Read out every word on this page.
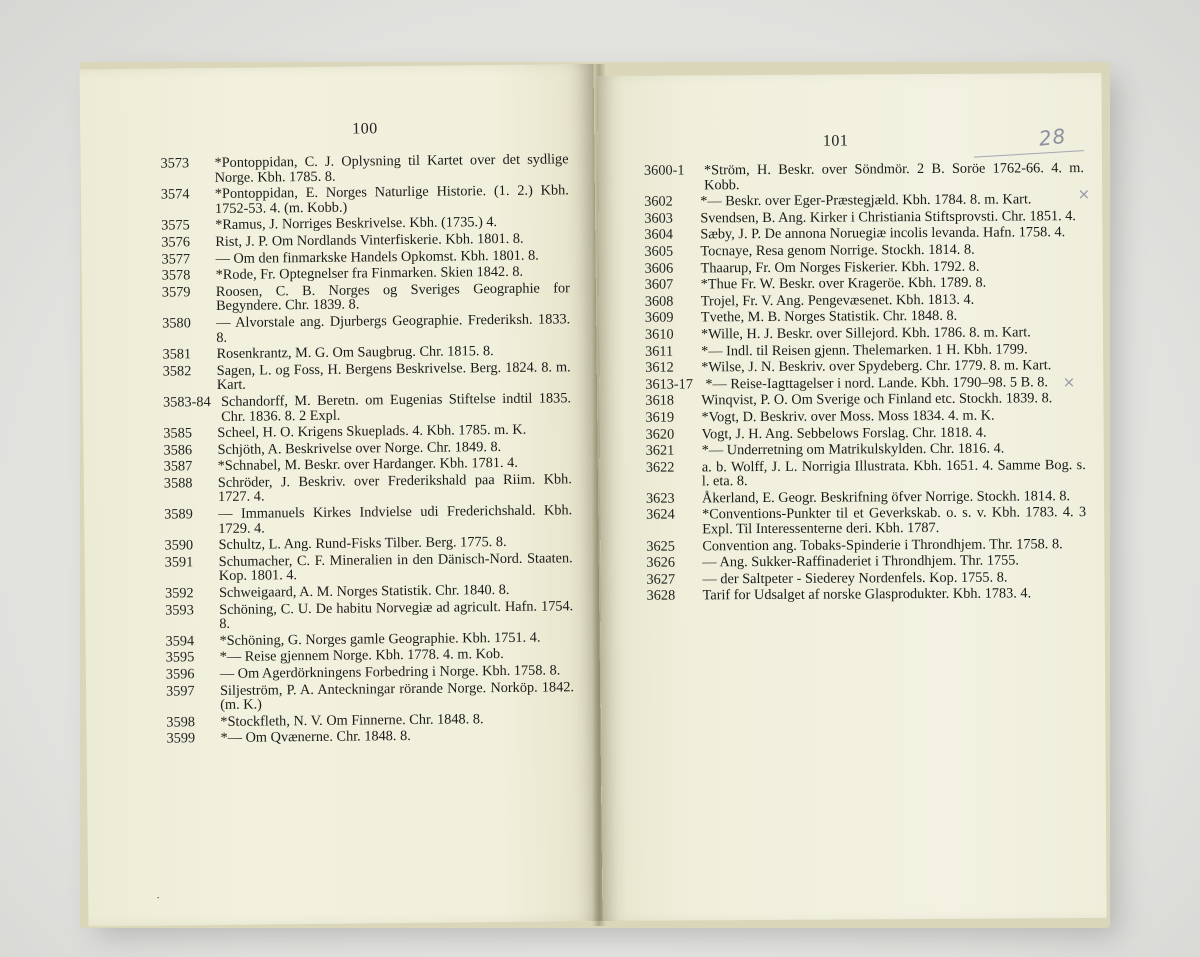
100
3573	*Pontoppidan, C. J. Oplysning til Kartet over det sydlige Norge. Kbh. 1785. 8.
3574	*Pontoppidan, E. Norges Naturlige Historie. (1. 2.) Kbh. 1752-53. 4. (m. Kobb.)
3575	*Ramus, J. Norriges Beskrivelse. Kbh. (1735.) 4.
3576	Rist, J. P. Om Nordlands Vinterfiskerie. Kbh. 1801. 8.
3577	— Om den finmarkske Handels Opkomst. Kbh. 1801. 8.
3578	*Rode, Fr. Optegnelser fra Finmarken. Skien 1842. 8.
3579	Roosen, C. B. Norges og Sveriges Geographie for Begyndere. Chr. 1839. 8.
3580	— Alvorstale ang. Djurbergs Geographie. Frederiksh. 1833. 8.
3581	Rosenkrantz, M. G. Om Saugbrug. Chr. 1815. 8.
3582	Sagen, L. og Foss, H. Bergens Beskrivelse. Berg. 1824. 8. m. Kart.
3583-84 Schandorff, M. Beretn. om Eugenias Stiftelse indtil 1835. Chr. 1836. 8. 2 Expl.
3585	Scheel, H. O. Krigens Skueplads. 4. Kbh. 1785. m. K.
3586	Schjöth, A. Beskrivelse over Norge. Chr. 1849. 8.
3587	*Schnabel, M. Beskr. over Hardanger. Kbh. 1781. 4.
3588	Schröder, J. Beskriv. over Frederikshald paa Riim. Kbh. 1727. 4.
3589	— Immanuels Kirkes Indvielse udi Frederichshald. Kbh. 1729. 4.
3590	Schultz, L. Ang. Rund-Fisks Tilber. Berg. 1775. 8.
3591	Schumacher, C. F. Mineralien in den Dänisch-Nord. Staaten. Kop. 1801. 4.
3592	Schweigaard, A. M. Norges Statistik. Chr. 1840. 8.
3593	Schöning, C. U. De habitu Norvegiæ ad agricult. Hafn. 1754. 8.
3594	*Schöning, G. Norges gamle Geographie. Kbh. 1751. 4.
3595	*— Reise gjennem Norge. Kbh. 1778. 4. m. Kob.
3596	— Om Agerdörkningens Forbedring i Norge. Kbh. 1758. 8.
3597	Siljeström, P. A. Anteckningar rörande Norge. Norköp. 1842. (m. K.)
3598	*Stockfleth, N. V. Om Finnerne. Chr. 1848. 8.
3599	*— Om Qvænerne. Chr. 1848. 8.
·
101	28
×
×
3600-1	*Ström, H. Beskr. over Söndmör. 2 B. Soröe 1762-66. 4. m. Kobb.
3602	*— Beskr. over Eger-Præstegjæld. Kbh. 1784. 8. m. Kart.
3603	Svendsen, B. Ang. Kirker i Christiania Stiftsprovsti. Chr. 1851. 4.
3604	Sæby, J. P. De annona Noruegiæ incolis levanda. Hafn. 1758. 4.
3605	Tocnaye, Resa genom Norrige. Stockh. 1814. 8.
3606	Thaarup, Fr. Om Norges Fiskerier. Kbh. 1792. 8.
3607	*Thue Fr. W. Beskr. over Krageröe. Kbh. 1789. 8.
3608	Trojel, Fr. V. Ang. Pengevæsenet. Kbh. 1813. 4.
3609	Tvethe, M. B. Norges Statistik. Chr. 1848. 8.
3610	*Wille, H. J. Beskr. over Sillejord. Kbh. 1786. 8. m. Kart.
3611	*— Indl. til Reisen gjenn. Thelemarken. 1 H. Kbh. 1799.
3612	*Wilse, J. N. Beskriv. over Spydeberg. Chr. 1779. 8. m. Kart.
3613-17 *— Reise-Iagttagelser i nord. Lande. Kbh. 1790–98. 5 B. 8.
3618	Winqvist, P. O. Om Sverige och Finland etc. Stockh. 1839. 8.
3619	*Vogt, D. Beskriv. over Moss. Moss 1834. 4. m. K.
3620	Vogt, J. H. Ang. Sebbelows Forslag. Chr. 1818. 4.
3621	*— Underretning om Matrikulskylden. Chr. 1816. 4.
3622	a. b. Wolff, J. L. Norrigia Illustrata. Kbh. 1651. 4. Samme Bog. s. l. eta. 8.
3623	Åkerland, E. Geogr. Beskrifning öfver Norrige. Stockh. 1814. 8.
3624	*Conventions-Punkter til et Geverkskab. o. s. v. Kbh. 1783. 4. 3 Expl. Til Interessenterne deri. Kbh. 1787.
3625	Convention ang. Tobaks-Spinderie i Throndhjem. Thr. 1758. 8.
3626	— Ang. Sukker-Raffinaderiet i Throndhjem. Thr. 1755.
3627	— der Saltpeter - Siederey Nordenfels. Kop. 1755. 8.
3628	Tarif for Udsalget af norske Glasprodukter. Kbh. 1783. 4.
